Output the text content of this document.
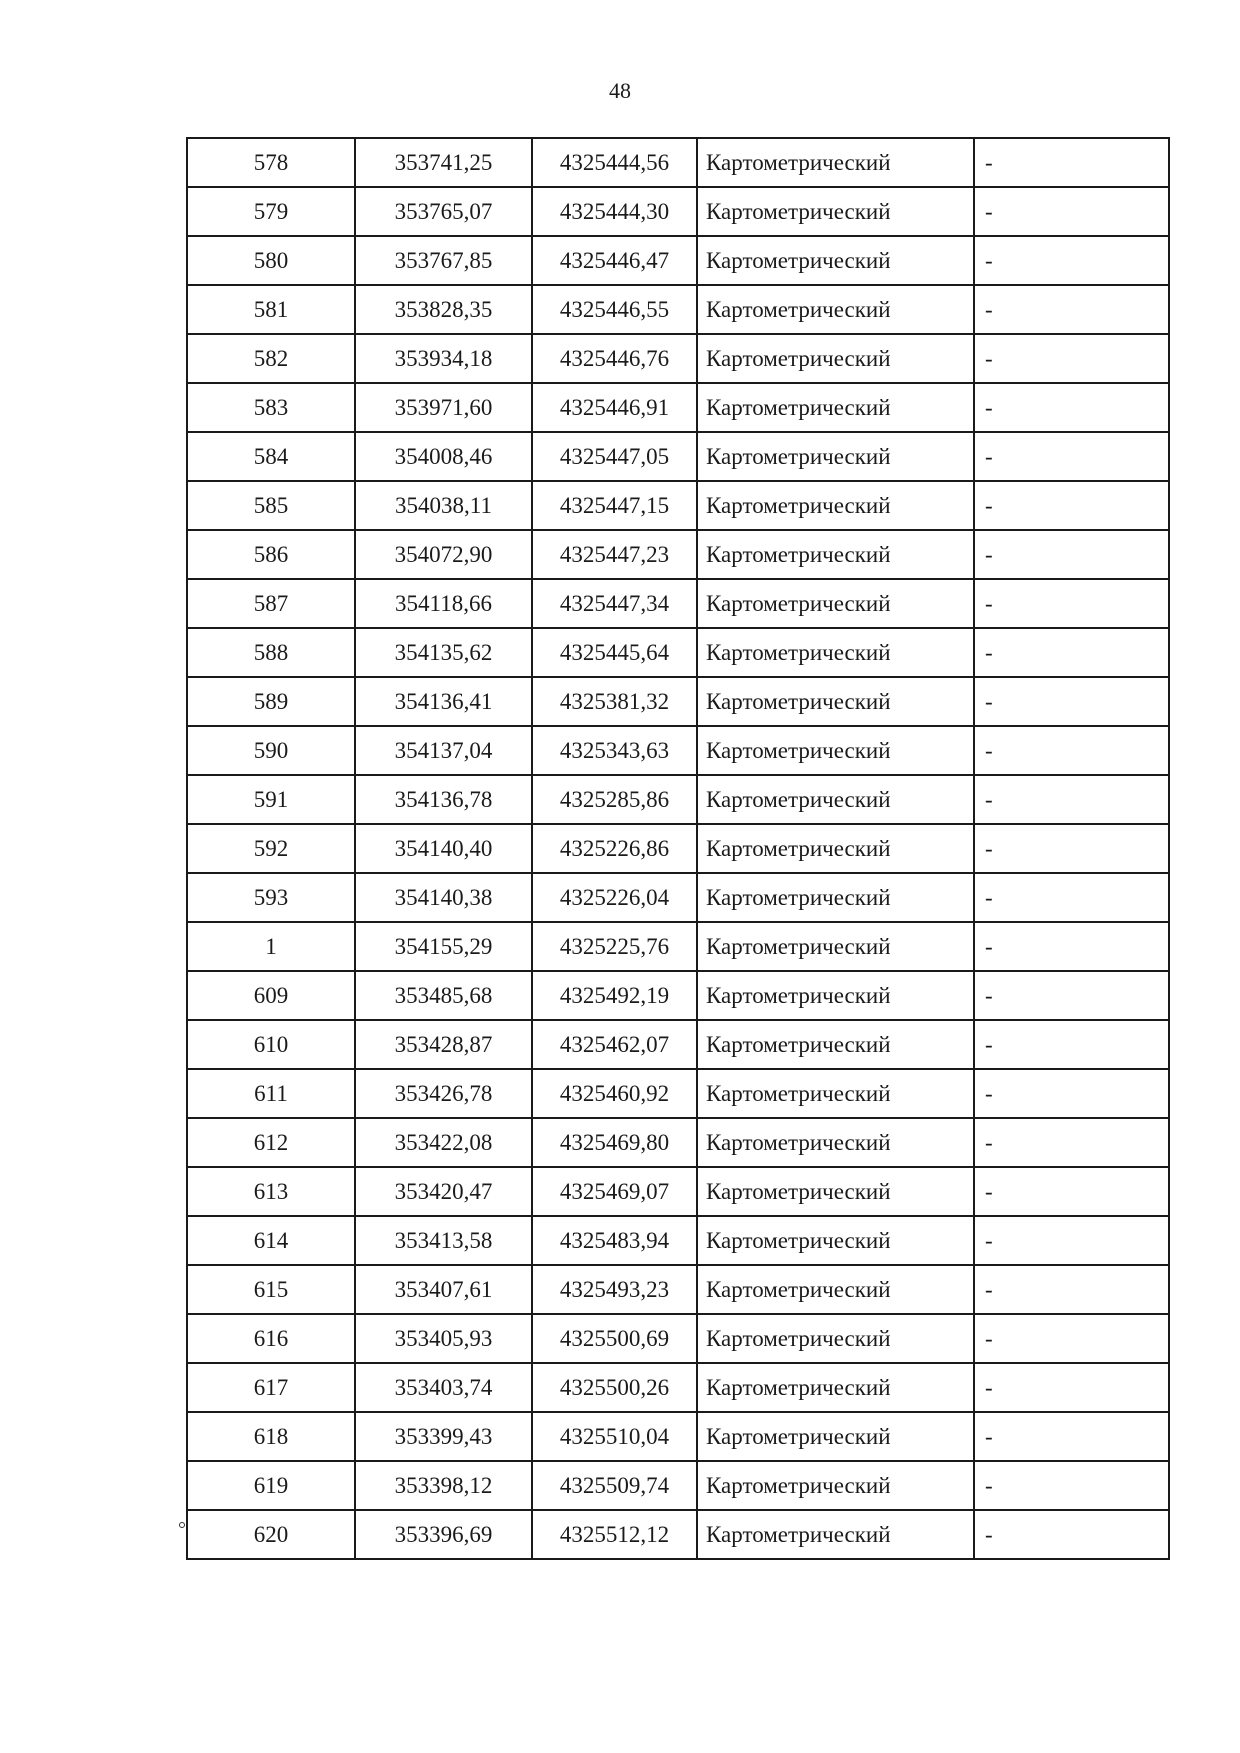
48
578	353741,25	4325444,56	Картометрический	-
579	353765,07	4325444,30	Картометрический	-
580	353767,85	4325446,47	Картометрический	-
581	353828,35	4325446,55	Картометрический	-
582	353934,18	4325446,76	Картометрический	-
583	353971,60	4325446,91	Картометрический	-
584	354008,46	4325447,05	Картометрический	-
585	354038,11	4325447,15	Картометрический	-
586	354072,90	4325447,23	Картометрический	-
587	354118,66	4325447,34	Картометрический	-
588	354135,62	4325445,64	Картометрический	-
589	354136,41	4325381,32	Картометрический	-
590	354137,04	4325343,63	Картометрический	-
591	354136,78	4325285,86	Картометрический	-
592	354140,40	4325226,86	Картометрический	-
593	354140,38	4325226,04	Картометрический	-
1	354155,29	4325225,76	Картометрический	-
609	353485,68	4325492,19	Картометрический	-
610	353428,87	4325462,07	Картометрический	-
611	353426,78	4325460,92	Картометрический	-
612	353422,08	4325469,80	Картометрический	-
613	353420,47	4325469,07	Картометрический	-
614	353413,58	4325483,94	Картометрический	-
615	353407,61	4325493,23	Картометрический	-
616	353405,93	4325500,69	Картометрический	-
617	353403,74	4325500,26	Картометрический	-
618	353399,43	4325510,04	Картометрический	-
619	353398,12	4325509,74	Картометрический	-
620	353396,69	4325512,12	Картометрический	-
